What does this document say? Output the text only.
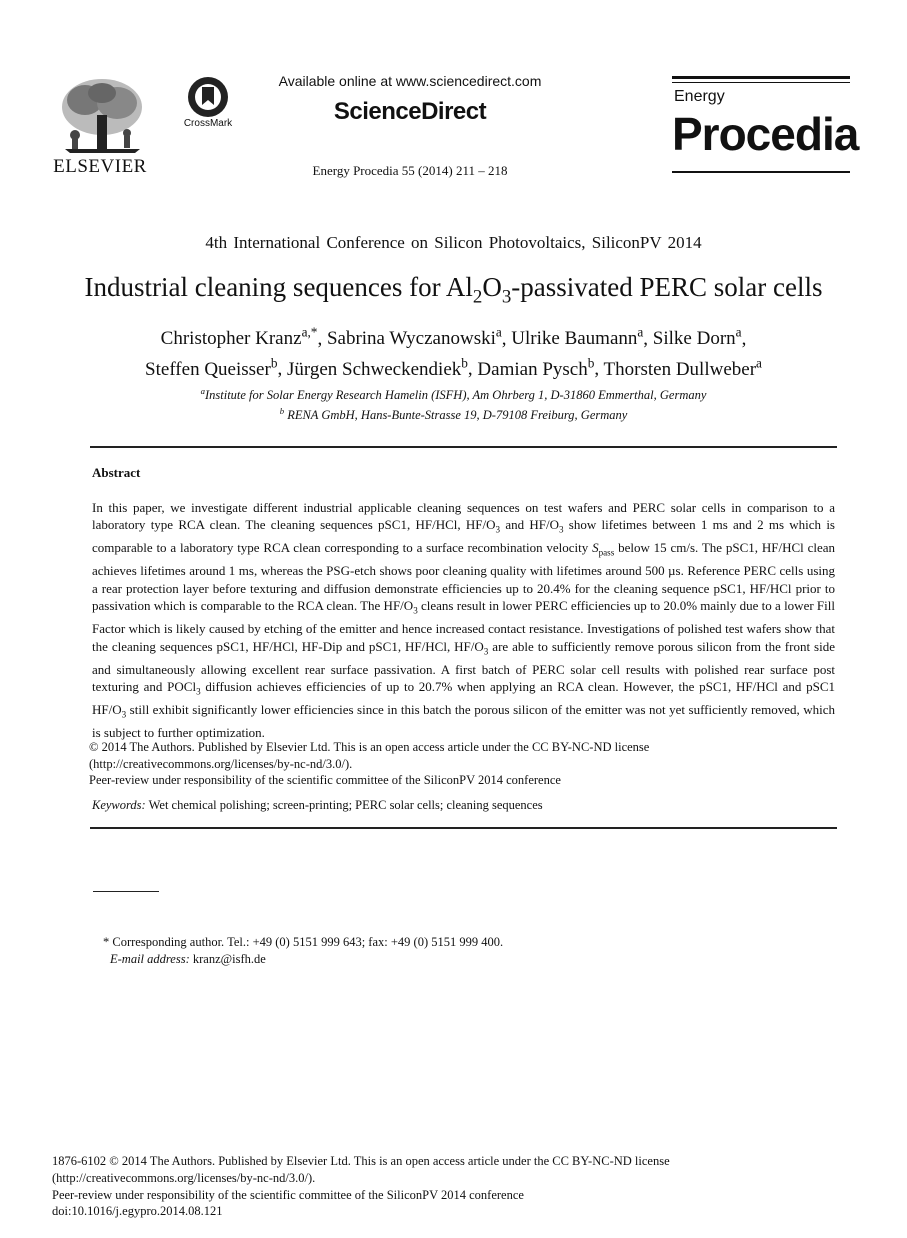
ELSEVIER
CrossMark
Available online at www.sciencedirect.com
ScienceDirect
Energy Procedia 55 (2014) 211 – 218
Energy
Procedia
4th International Conference on Silicon Photovoltaics, SiliconPV 2014
Industrial cleaning sequences for $Al_2O_3$-passivated PERC solar cells
Christopher Kranz$^{a,*}$, Sabrina Wyczanowski$^a$, Ulrike Baumann$^a$, Silke Dorn$^a$,
Steffen Queisser$^b$, Jürgen Schweckendiek$^b$, Damian Pysch$^b$, Thorsten Dullweber$^a$
$^a$Institute for Solar Energy Research Hamelin (ISFH), Am Ohrberg 1, D-31860 Emmerthal, Germany
$^b$ RENA GmbH, Hans-Bunte-Strasse 19, D-79108 Freiburg, Germany
Abstract
In this paper, we investigate different industrial applicable cleaning sequences on test wafers and PERC solar cells in comparison to a laboratory type RCA clean. The cleaning sequences pSC1, HF/HCl, $HF/O_3$ and $HF/O_3$ show lifetimes between 1 ms and 2 ms which is comparable to a laboratory type RCA clean corresponding to a surface recombination velocity $S_{pass}$ below 15 cm/s. The pSC1, HF/HCl clean achieves lifetimes around 1 ms, whereas the PSG-etch shows poor cleaning quality with lifetimes around 500 µs. Reference PERC cells using a rear protection layer before texturing and diffusion demonstrate efficiencies up to 20.4% for the cleaning sequence pSC1, HF/HCl prior to passivation which is comparable to the RCA clean. The $HF/O_3$ cleans result in lower PERC efficiencies up to 20.0% mainly due to a lower Fill Factor which is likely caused by etching of the emitter and hence increased contact resistance. Investigations of polished test wafers show that the cleaning sequences pSC1, HF/HCl, HF-Dip and pSC1, HF/HCl, $HF/O_3$ are able to sufficiently remove porous silicon from the front side and simultaneously allowing excellent rear surface passivation. A first batch of PERC solar cell results with polished rear surface post texturing and POCl$_3$ diffusion achieves efficiencies of up to 20.7% when applying an RCA clean. However, the pSC1, HF/HCl and pSC1 $HF/O_3$ still exhibit significantly lower efficiencies since in this batch the porous silicon of the emitter was not yet sufficiently removed, which is subject to further optimization.
© 2014 The Authors. Published by Elsevier Ltd. This is an open access article under the CC BY-NC-ND license
(http://creativecommons.org/licenses/by-nc-nd/3.0/).
Peer-review under responsibility of the scientific committee of the SiliconPV 2014 conference
Keywords: Wet chemical polishing; screen-printing; PERC solar cells; cleaning sequences
* Corresponding author. Tel.: +49 (0) 5151 999 643; fax: +49 (0) 5151 999 400.
E-mail address: kranz@isfh.de
1876-6102 © 2014 The Authors. Published by Elsevier Ltd. This is an open access article under the CC BY-NC-ND license
(http://creativecommons.org/licenses/by-nc-nd/3.0/).
Peer-review under responsibility of the scientific committee of the SiliconPV 2014 conference
doi:10.1016/j.egypro.2014.08.121
